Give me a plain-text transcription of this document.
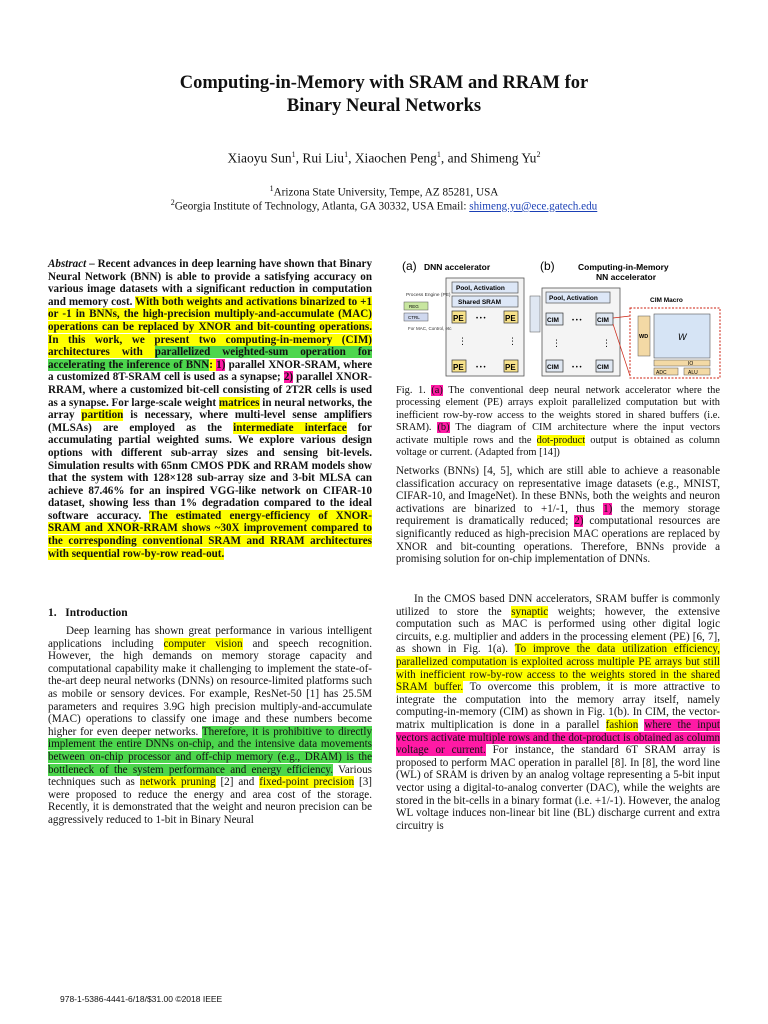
Computing-in-Memory with SRAM and RRAM for
Binary Neural Networks
Xiaoyu Sun$^1$, Rui Liu$^1$, Xiaochen Peng$^1$, and Shimeng Yu$^2$
$^1$Arizona State University, Tempe, AZ 85281, USA
$^2$Georgia Institute of Technology, Atlanta, GA 30332, USA Email: shimeng.yu@ece.gatech.edu
Abstract – Recent advances in deep learning have shown that Binary Neural Network (BNN) is able to provide a satisfying accuracy on various image datasets with a significant reduction in computation and memory cost. With both weights and activations binarized to +1 or -1 in BNNs, the high-precision multiply-and-accumulate (MAC) operations can be replaced by XNOR and bit-counting operations. In this work, we present two computing-in-memory (CIM) architectures with parallelized weighted-sum operation for accelerating the inference of BNN: 1) parallel XNOR-SRAM, where a customized 8T-SRAM cell is used as a synapse; 2) parallel XNOR-RRAM, where a customized bit-cell consisting of 2T2R cells is used as a synapse. For large-scale weight matrices in neural networks, the array partition is necessary, where multi-level sense amplifiers (MLSAs) are employed as the intermediate interface for accumulating partial weighted sums. We explore various design options with different sub-array sizes and sensing bit-levels. Simulation results with 65nm CMOS PDK and RRAM models show that the system with 128×128 sub-array size and 3-bit MLSA can achieve 87.46% for an inspired VGG-like network on CIFAR-10 dataset, showing less than 1% degradation compared to the ideal software accuracy. The estimated energy-efficiency of XNOR-SRAM and XNOR-RRAM shows ~30X improvement compared to the corresponding conventional SRAM and RRAM architectures with sequential row-by-row read-out.
1. Introduction
Deep learning has shown great performance in various intelligent applications including computer vision and speech recognition. However, the high demands on memory storage capacity and computational capability make it challenging to implement the state-of-the-art deep neural networks (DNNs) on resource-limited platforms such as mobile or sensory devices. For example, ResNet-50 [1] has 25.5M parameters and requires 3.9G high precision multiply-and-accumulate (MAC) operations to classify one image and these numbers become higher for even deeper networks. Therefore, it is prohibitive to directly implement the entire DNNs on-chip, and the intensive data movements between on-chip processor and off-chip memory (e.g., DRAM) is the bottleneck of the system performance and energy efficiency. Various techniques such as network pruning [2] and fixed-point precision [3] were proposed to reduce the energy and area cost of the storage. Recently, it is demonstrated that the weight and neuron precision can be aggressively reduced to 1-bit in Binary Neural
(a) DNN accelerator
Pool, Activation
Shared SRAM
Process Engine (PE)
REG
CTRL
For MAC, Control, etc
PE	PE
• • •
⋮	⋮
PE	PE
• • •
(b)	Computing-in-Memory
NN accelerator
Pool, Activation
CIM	CIM
• • •
⋮	⋮
CIM	CIM
• • •
CIM Macro
WD	W
IO
ADC	ALU
Fig. 1. (a) The conventional deep neural network accelerator where the processing element (PE) arrays exploit parallelized computation but with inefficient row-by-row access to the weights stored in shared buffers (i.e. SRAM). (b) The diagram of CIM architecture where the input vectors activate multiple rows and the dot-product output is obtained as column voltage or current. (Adapted from [14])
Networks (BNNs) [4, 5], which are still able to achieve a reasonable classification accuracy on representative image datasets (e.g., MNIST, CIFAR-10, and ImageNet). In these BNNs, both the weights and neuron activations are binarized to +1/-1, thus 1) the memory storage requirement is dramatically reduced; 2) computational resources are significantly reduced as high-precision MAC operations are replaced by XNOR and bit-counting operations. Therefore, BNNs provide a promising solution for on-chip implementation of DNNs.
In the CMOS based DNN accelerators, SRAM buffer is commonly utilized to store the synaptic weights; however, the extensive computation such as MAC is performed using other digital logic circuits, e.g. multiplier and adders in the processing element (PE) [6, 7], as shown in Fig. 1(a). To improve the data utilization efficiency, parallelized computation is exploited across multiple PE arrays but still with inefficient row-by-row access to the weights stored in the shared SRAM buffer. To overcome this problem, it is more attractive to integrate the computation into the memory array itself, namely computing-in-memory (CIM) as shown in Fig. 1(b). In CIM, the vector-matrix multiplication is done in a parallel fashion where the input vectors activate multiple rows and the dot-product is obtained as column voltage or current. For instance, the standard 6T SRAM array is proposed to perform MAC operation in parallel [8]. In [8], the word line (WL) of SRAM is driven by an analog voltage representing a 5-bit input vector using a digital-to-analog converter (DAC), while the weights are stored in the bit-cells in a binary format (i.e. +1/-1). However, the analog WL voltage induces non-linear bit line (BL) discharge current and extra circuitry is
978-1-5386-4441-6/18/$31.00 ©2018 IEEE
